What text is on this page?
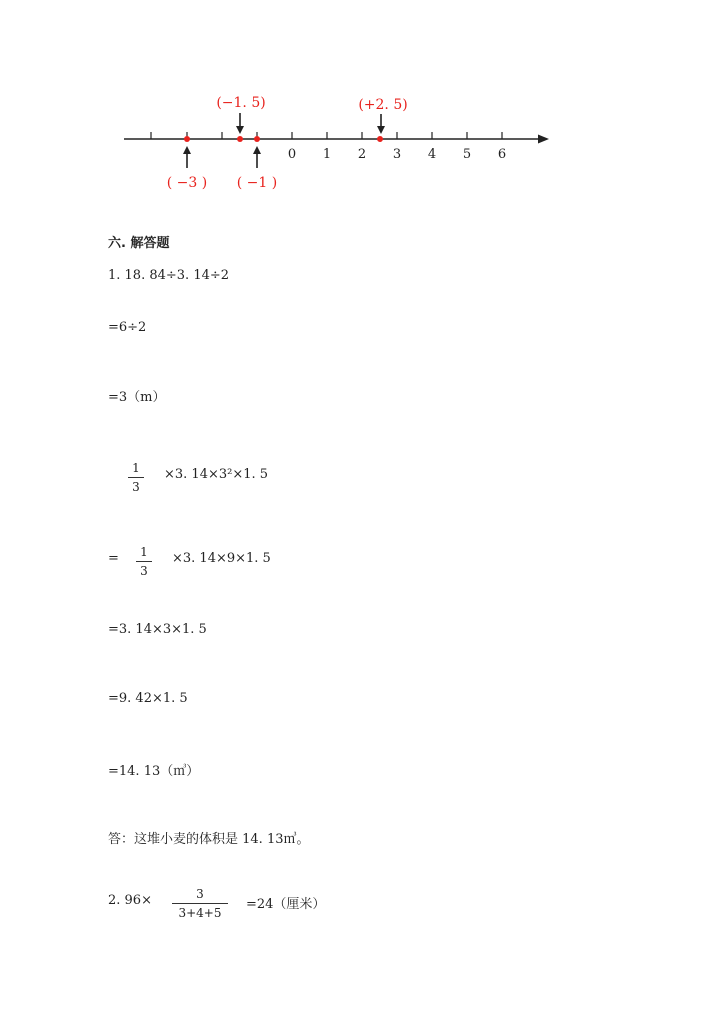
0 1 2 3 4 5 6
(−1. 5)	(+2. 5)
( −3 ) ( −1 )
六. 解答题
1. 18. 84÷3. 14÷2
=6÷2
=3（m）
1
3
×3. 14×3²×1. 5
=	1
3
×3. 14×9×1. 5
=3. 14×3×1. 5
=9. 42×1. 5
=14. 13（㎥）
答：这堆小麦的体积是 14. 13㎥。
2. 96×	3
3+4+5
=24（厘米）
